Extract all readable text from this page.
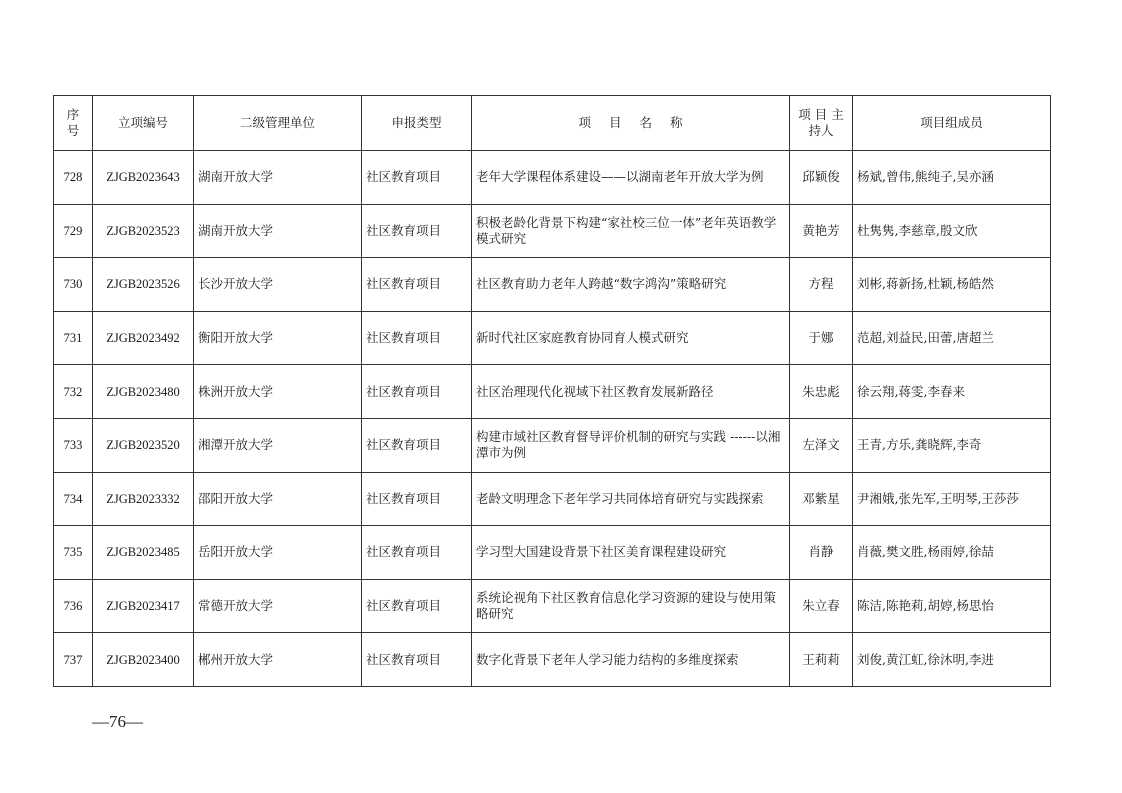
序号	立项编号	二级管理单位	申报类型	项 目 名 称	项 目 主持人	项目组成员
728	ZJGB2023643	湖南开放大学	社区教育项目	老年大学课程体系建设——以湖南老年开放大学为例	邱颖俊	杨斌,曾伟,熊纯子,吴亦涵
729	ZJGB2023523	湖南开放大学	社区教育项目	积极老龄化背景下构建“家社校三位一体”老年英语教学模式研究	黄艳芳	杜隽隽,李慈章,殷文欣
730	ZJGB2023526	长沙开放大学	社区教育项目	社区教育助力老年人跨越“数字鸿沟”策略研究	方程	刘彬,蒋新扬,杜颖,杨皓然
731	ZJGB2023492	衡阳开放大学	社区教育项目	新时代社区家庭教育协同育人模式研究	于娜	范超,刘益民,田蕾,唐超兰
732	ZJGB2023480	株洲开放大学	社区教育项目	社区治理现代化视域下社区教育发展新路径	朱忠彪	徐云翔,蒋雯,李春来
733	ZJGB2023520	湘潭开放大学	社区教育项目	构建市域社区教育督导评价机制的研究与实践 ------以湘潭市为例	左泽文	王青,方乐,龚晓辉,李奇
734	ZJGB2023332	邵阳开放大学	社区教育项目	老龄文明理念下老年学习共同体培育研究与实践探索	邓紫星	尹湘娥,张先军,王明琴,王莎莎
735	ZJGB2023485	岳阳开放大学	社区教育项目	学习型大国建设背景下社区美育课程建设研究	肖静	肖薇,樊文胜,杨雨婷,徐喆
736	ZJGB2023417	常德开放大学	社区教育项目	系统论视角下社区教育信息化学习资源的建设与使用策略研究	朱立春	陈洁,陈艳莉,胡婷,杨思怡
737	ZJGB2023400	郴州开放大学	社区教育项目	数字化背景下老年人学习能力结构的多维度探索	王莉莉	刘俊,黄江虹,徐沐明,李进
—76—
